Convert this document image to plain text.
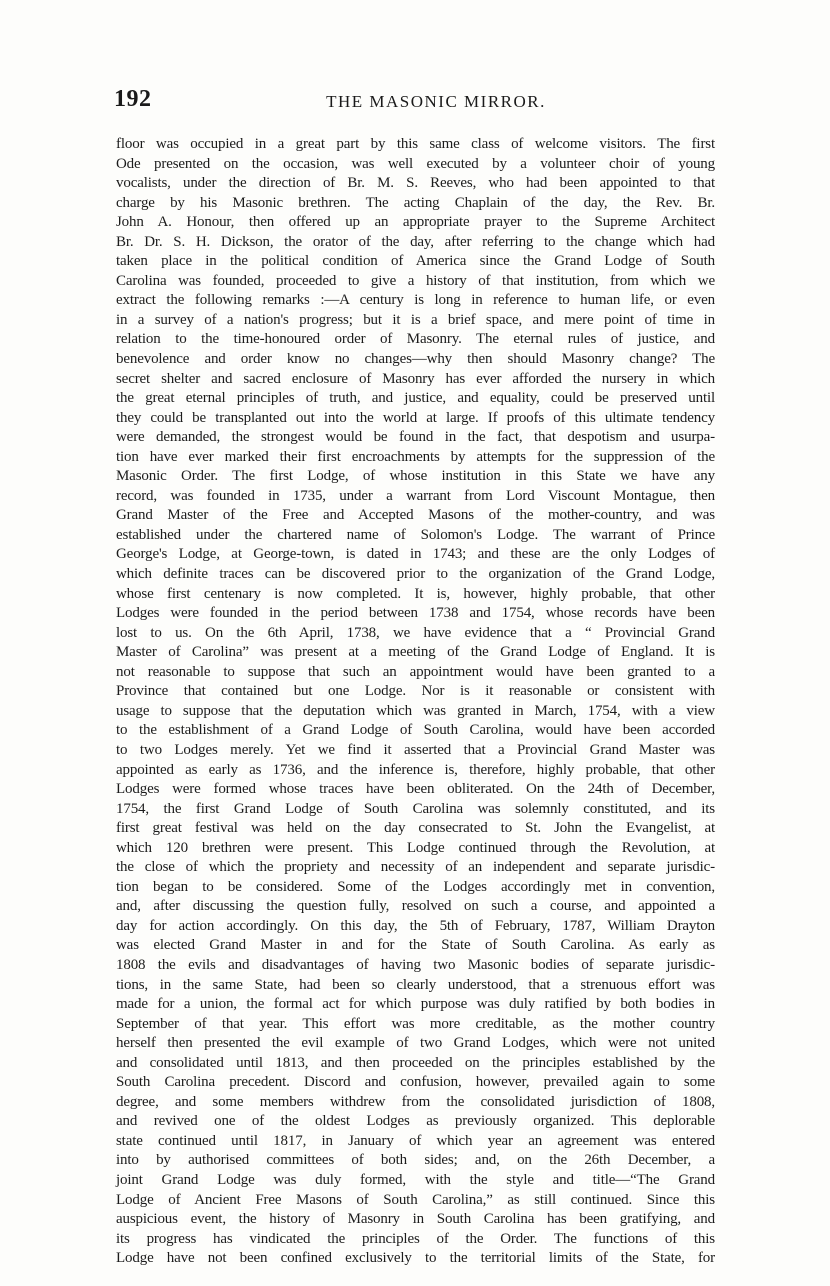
192	THE MASONIC MIRROR.
floor was occupied in a great part by this same class of welcome visitors. The first
Ode presented on the occasion, was well executed by a volunteer choir of young
vocalists, under the direction of Br. M. S. Reeves, who had been appointed to that
charge by his Masonic brethren. The acting Chaplain of the day, the Rev. Br.
John A. Honour, then offered up an appropriate prayer to the Supreme Architect
Br. Dr. S. H. Dickson, the orator of the day, after referring to the change which had
taken place in the political condition of America since the Grand Lodge of South
Carolina was founded, proceeded to give a history of that institution, from which we
extract the following remarks :—A century is long in reference to human life, or even
in a survey of a nation's progress; but it is a brief space, and mere point of time in
relation to the time-honoured order of Masonry. The eternal rules of justice, and
benevolence and order know no changes—why then should Masonry change? The
secret shelter and sacred enclosure of Masonry has ever afforded the nursery in which
the great eternal principles of truth, and justice, and equality, could be preserved until
they could be transplanted out into the world at large. If proofs of this ultimate tendency
were demanded, the strongest would be found in the fact, that despotism and usurpa-
tion have ever marked their first encroachments by attempts for the suppression of the
Masonic Order. The first Lodge, of whose institution in this State we have any
record, was founded in 1735, under a warrant from Lord Viscount Montague, then
Grand Master of the Free and Accepted Masons of the mother-country, and was
established under the chartered name of Solomon's Lodge. The warrant of Prince
George's Lodge, at George-town, is dated in 1743; and these are the only Lodges of
which definite traces can be discovered prior to the organization of the Grand Lodge,
whose first centenary is now completed. It is, however, highly probable, that other
Lodges were founded in the period between 1738 and 1754, whose records have been
lost to us. On the 6th April, 1738, we have evidence that a “ Provincial Grand
Master of Carolina” was present at a meeting of the Grand Lodge of England. It is
not reasonable to suppose that such an appointment would have been granted to a
Province that contained but one Lodge. Nor is it reasonable or consistent with
usage to suppose that the deputation which was granted in March, 1754, with a view
to the establishment of a Grand Lodge of South Carolina, would have been accorded
to two Lodges merely. Yet we find it asserted that a Provincial Grand Master was
appointed as early as 1736, and the inference is, therefore, highly probable, that other
Lodges were formed whose traces have been obliterated. On the 24th of December,
1754, the first Grand Lodge of South Carolina was solemnly constituted, and its
first great festival was held on the day consecrated to St. John the Evangelist, at
which 120 brethren were present. This Lodge continued through the Revolution, at
the close of which the propriety and necessity of an independent and separate jurisdic-
tion began to be considered. Some of the Lodges accordingly met in convention,
and, after discussing the question fully, resolved on such a course, and appointed a
day for action accordingly. On this day, the 5th of February, 1787, William Drayton
was elected Grand Master in and for the State of South Carolina. As early as
1808 the evils and disadvantages of having two Masonic bodies of separate jurisdic-
tions, in the same State, had been so clearly understood, that a strenuous effort was
made for a union, the formal act for which purpose was duly ratified by both bodies in
September of that year. This effort was more creditable, as the mother country
herself then presented the evil example of two Grand Lodges, which were not united
and consolidated until 1813, and then proceeded on the principles established by the
South Carolina precedent. Discord and confusion, however, prevailed again to some
degree, and some members withdrew from the consolidated jurisdiction of 1808,
and revived one of the oldest Lodges as previously organized. This deplorable
state continued until 1817, in January of which year an agreement was entered
into by authorised committees of both sides; and, on the 26th December, a
joint Grand Lodge was duly formed, with the style and title—“The Grand
Lodge of Ancient Free Masons of South Carolina,” as still continued. Since this
auspicious event, the history of Masonry in South Carolina has been gratifying, and
its progress has vindicated the principles of the Order. The functions of this
Lodge have not been confined exclusively to the territorial limits of the State, for
